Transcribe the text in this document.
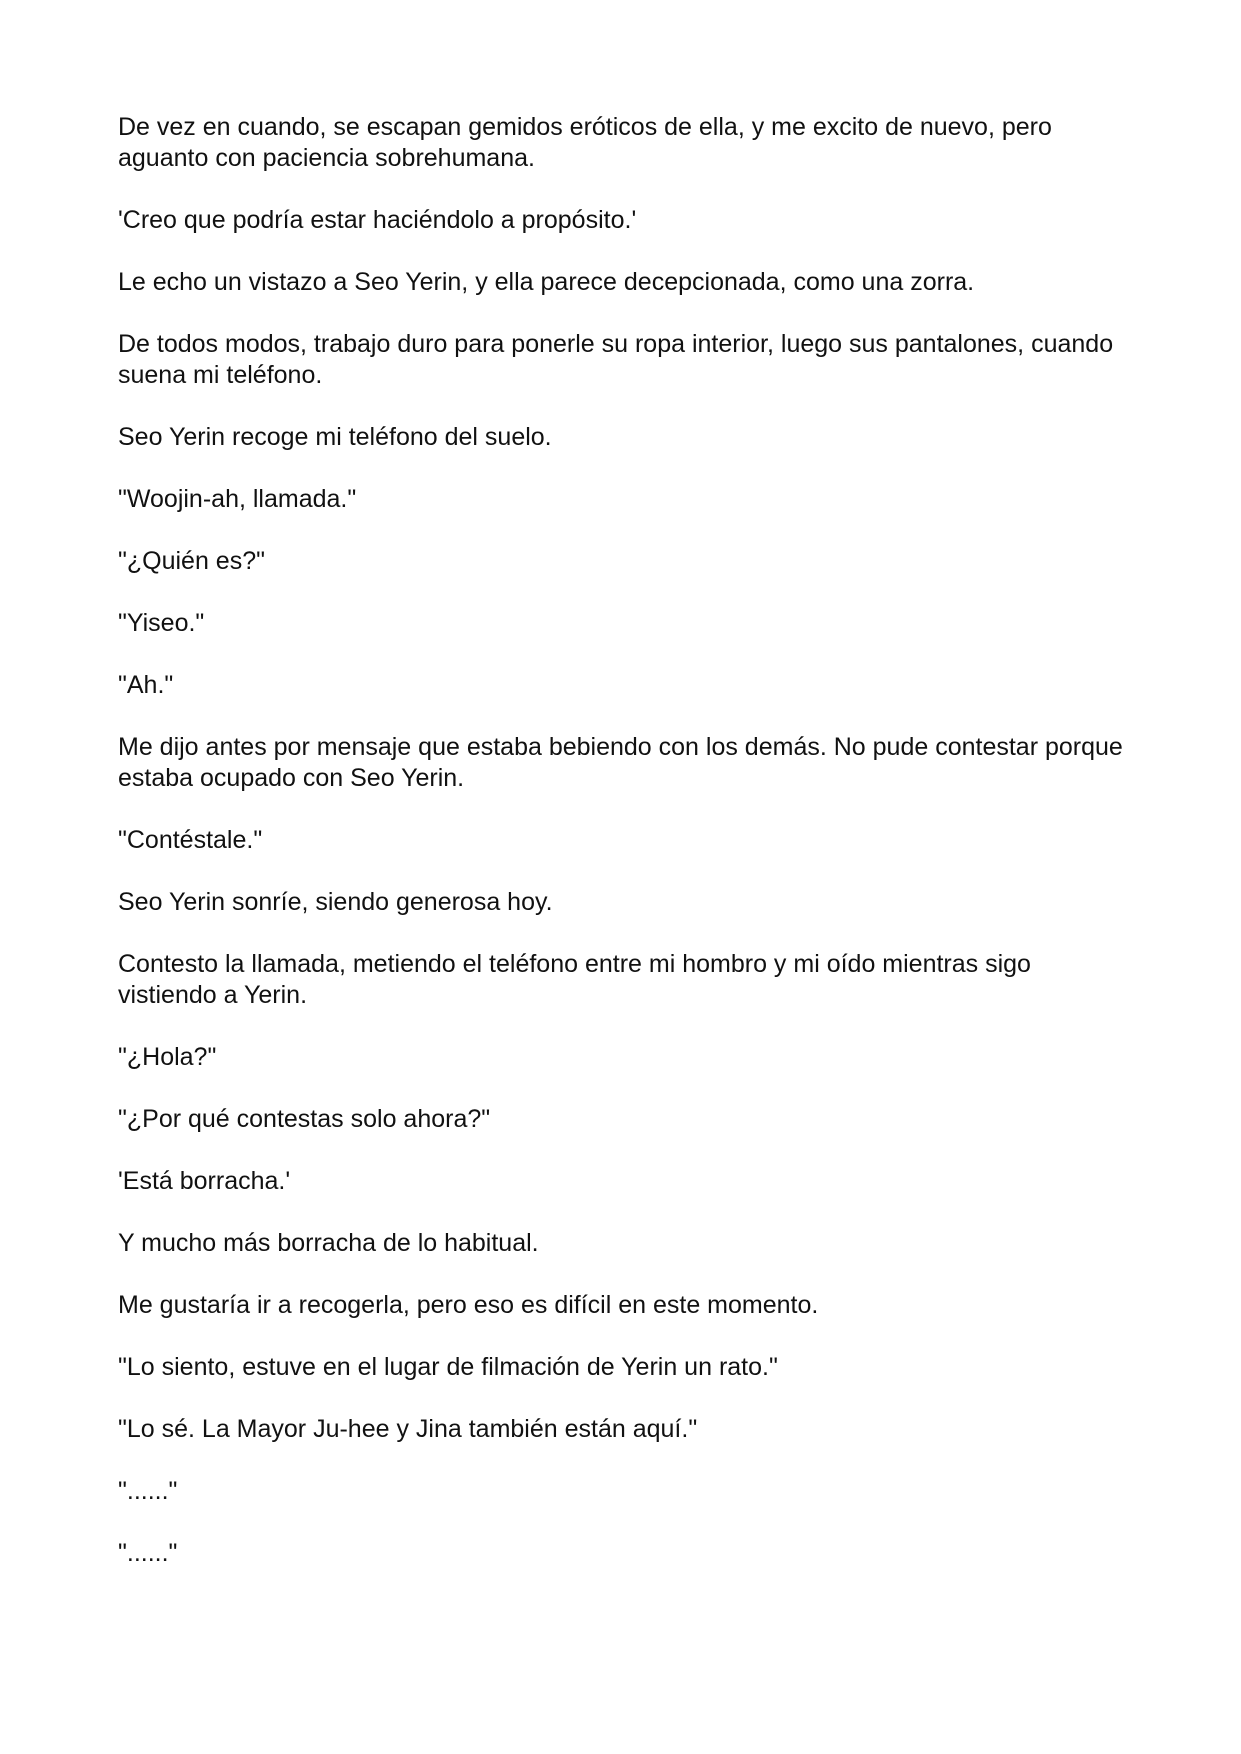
De vez en cuando, se escapan gemidos eróticos de ella, y me excito de nuevo, pero aguanto con paciencia sobrehumana.

'Creo que podría estar haciéndolo a propósito.'

Le echo un vistazo a Seo Yerin, y ella parece decepcionada, como una zorra.

De todos modos, trabajo duro para ponerle su ropa interior, luego sus pantalones, cuando suena mi teléfono.

Seo Yerin recoge mi teléfono del suelo.

"Woojin-ah, llamada."

"¿Quién es?"

"Yiseo."

"Ah."

Me dijo antes por mensaje que estaba bebiendo con los demás. No pude contestar porque estaba ocupado con Seo Yerin.

"Contéstale."

Seo Yerin sonríe, siendo generosa hoy.

Contesto la llamada, metiendo el teléfono entre mi hombro y mi oído mientras sigo vistiendo a Yerin.

"¿Hola?"

"¿Por qué contestas solo ahora?"

'Está borracha.'

Y mucho más borracha de lo habitual.

Me gustaría ir a recogerla, pero eso es difícil en este momento.

"Lo siento, estuve en el lugar de filmación de Yerin un rato."

"Lo sé. La Mayor Ju-hee y Jina también están aquí."

"......"

"......"
